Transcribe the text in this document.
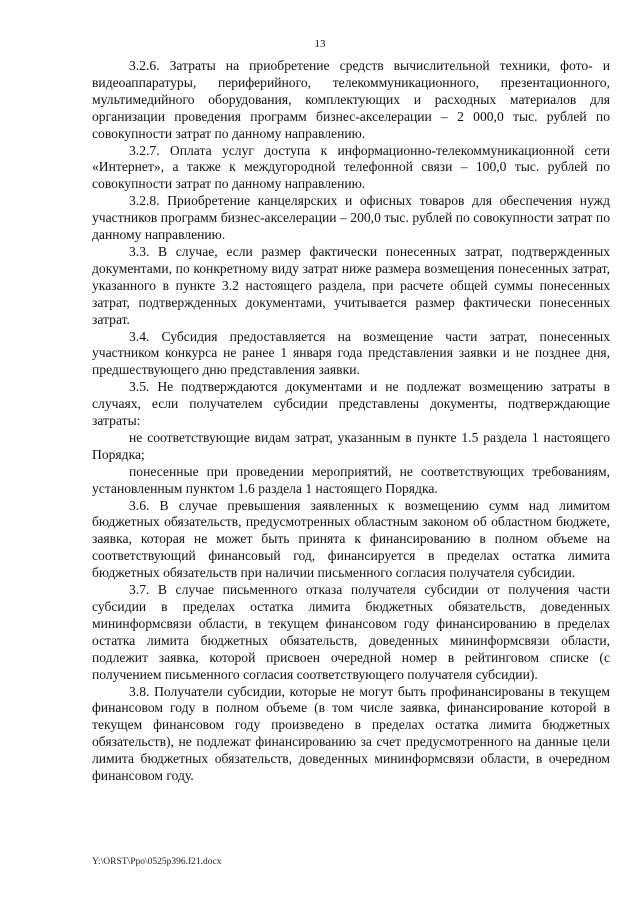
13

3.2.6. Затраты на приобретение средств вычислительной техники, фото- и видеоаппаратуры, периферийного, телекоммуникационного, презентационного, мультимедийного оборудования, комплектующих и расходных материалов для организации проведения программ бизнес-акселерации – 2 000,0 тыс. рублей по совокупности затрат по данному направлению.

3.2.7. Оплата услуг доступа к информационно-телекоммуникационной сети «Интернет», а также к междугородной телефонной связи – 100,0 тыс. рублей по совокупности затрат по данному направлению.

3.2.8. Приобретение канцелярских и офисных товаров для обеспечения нужд участников программ бизнес-акселерации – 200,0 тыс. рублей по совокупности затрат по данному направлению.

3.3. В случае, если размер фактически понесенных затрат, подтвержденных документами, по конкретному виду затрат ниже размера возмещения понесенных затрат, указанного в пункте 3.2 настоящего раздела, при расчете общей суммы понесенных затрат, подтвержденных документами, учитывается размер фактически понесенных затрат.

3.4. Субсидия предоставляется на возмещение части затрат, понесенных участником конкурса не ранее 1 января года представления заявки и не позднее дня, предшествующего дню представления заявки.

3.5. Не подтверждаются документами и не подлежат возмещению затраты в случаях, если получателем субсидии представлены документы, подтверждающие затраты:

не соответствующие видам затрат, указанным в пункте 1.5 раздела 1 настоящего Порядка;

понесенные при проведении мероприятий, не соответствующих требованиям, установленным пунктом 1.6 раздела 1 настоящего Порядка.

3.6. В случае превышения заявленных к возмещению сумм над лимитом бюджетных обязательств, предусмотренных областным законом об областном бюджете, заявка, которая не может быть принята к финансированию в полном объеме на соответствующий финансовый год, финансируется в пределах остатка лимита бюджетных обязательств при наличии письменного согласия получателя субсидии.

3.7. В случае письменного отказа получателя субсидии от получения части субсидии в пределах остатка лимита бюджетных обязательств, доведенных мининформсвязи области, в текущем финансовом году финансированию в пределах остатка лимита бюджетных обязательств, доведенных мининформсвязи области, подлежит заявка, которой присвоен очередной номер в рейтинговом списке (с получением письменного согласия соответствующего получателя субсидии).

3.8. Получатели субсидии, которые не могут быть профинансированы в текущем финансовом году в полном объеме (в том числе заявка, финансирование которой в текущем финансовом году произведено в пределах остатка лимита бюджетных обязательств), не подлежат финансированию за счет предусмотренного на данные цели лимита бюджетных обязательств, доведенных мининформсвязи области, в очередном финансовом году.

Y:\ORST\Ppo\0525p396.f21.docx
